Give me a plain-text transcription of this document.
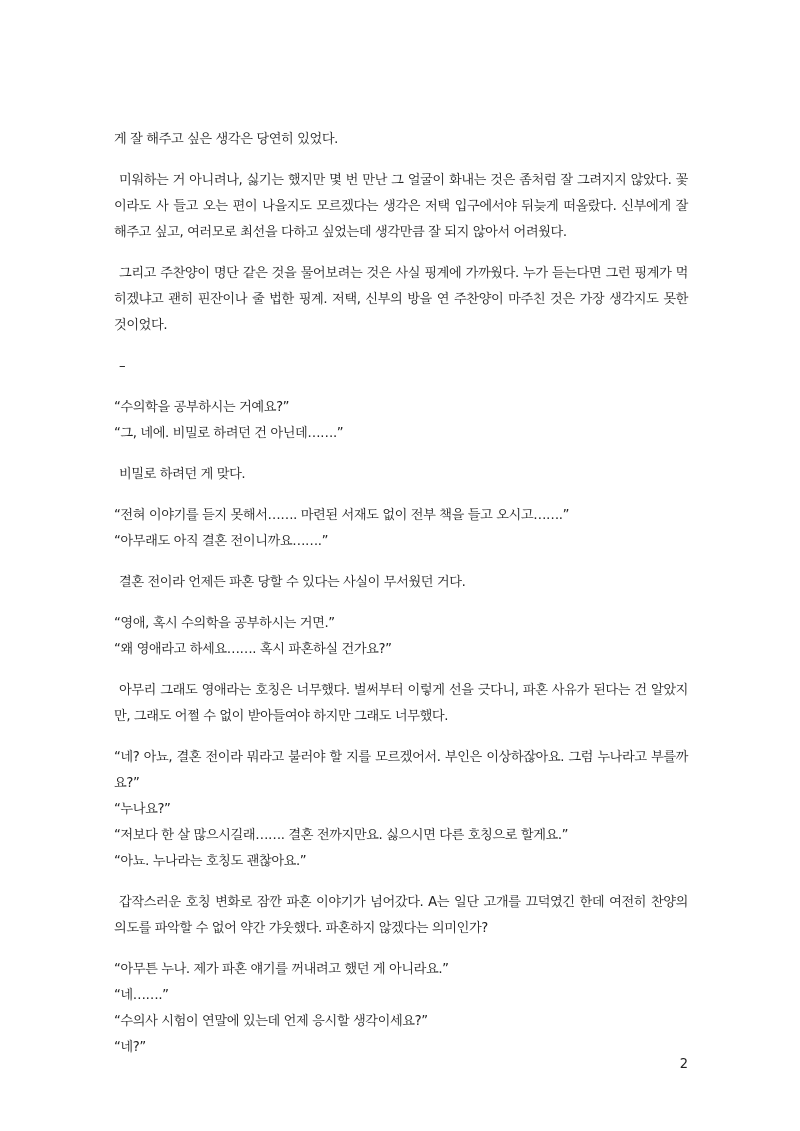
게 잘 해주고 싶은 생각은 당연히 있었다.

미워하는 거 아니려나, 싫기는 했지만 몇 번 만난 그 얼굴이 화내는 것은 좀처럼 잘 그려지지 않았다. 꽃이라도 사 들고 오는 편이 나을지도 모르겠다는 생각은 저택 입구에서야 뒤늦게 떠올랐다. 신부에게 잘 해주고 싶고, 여러모로 최선을 다하고 싶었는데 생각만큼 잘 되지 않아서 어려웠다.

그리고 주찬양이 명단 같은 것을 물어보려는 것은 사실 핑계에 가까웠다. 누가 듣는다면 그런 핑계가 먹히겠냐고 괜히 핀잔이나 줄 법한 핑계. 저택, 신부의 방을 연 주찬양이 마주친 것은 가장 생각지도 못한 것이었다.

–

“수의학을 공부하시는 거예요?”

“그, 네에. 비밀로 하려던 건 아닌데…….”

비밀로 하려던 게 맞다.

“전혀 이야기를 듣지 못해서……. 마련된 서재도 없이 전부 책을 들고 오시고…….”

“아무래도 아직 결혼 전이니까요…….”

결혼 전이라 언제든 파혼 당할 수 있다는 사실이 무서웠던 거다.

“영애, 혹시 수의학을 공부하시는 거면.”

“왜 영애라고 하세요……. 혹시 파혼하실 건가요?”

아무리 그래도 영애라는 호칭은 너무했다. 벌써부터 이렇게 선을 긋다니, 파혼 사유가 된다는 건 알았지만, 그래도 어쩔 수 없이 받아들여야 하지만 그래도 너무했다.

“네? 아뇨, 결혼 전이라 뭐라고 불러야 할 지를 모르겠어서. 부인은 이상하잖아요. 그럼 누나라고 부를까요?”

“누나요?”

“저보다 한 살 많으시길래……. 결혼 전까지만요. 싫으시면 다른 호칭으로 할게요.”

“아뇨. 누나라는 호칭도 괜찮아요.”

갑작스러운 호칭 변화로 잠깐 파혼 이야기가 넘어갔다. A는 일단 고개를 끄덕였긴 한데 여전히 찬양의 의도를 파악할 수 없어 약간 갸웃했다. 파혼하지 않겠다는 의미인가?

“아무튼 누나. 제가 파혼 얘기를 꺼내려고 했던 게 아니라요.”

“네…….”

“수의사 시험이 연말에 있는데 언제 응시할 생각이세요?”

“네?”

2
